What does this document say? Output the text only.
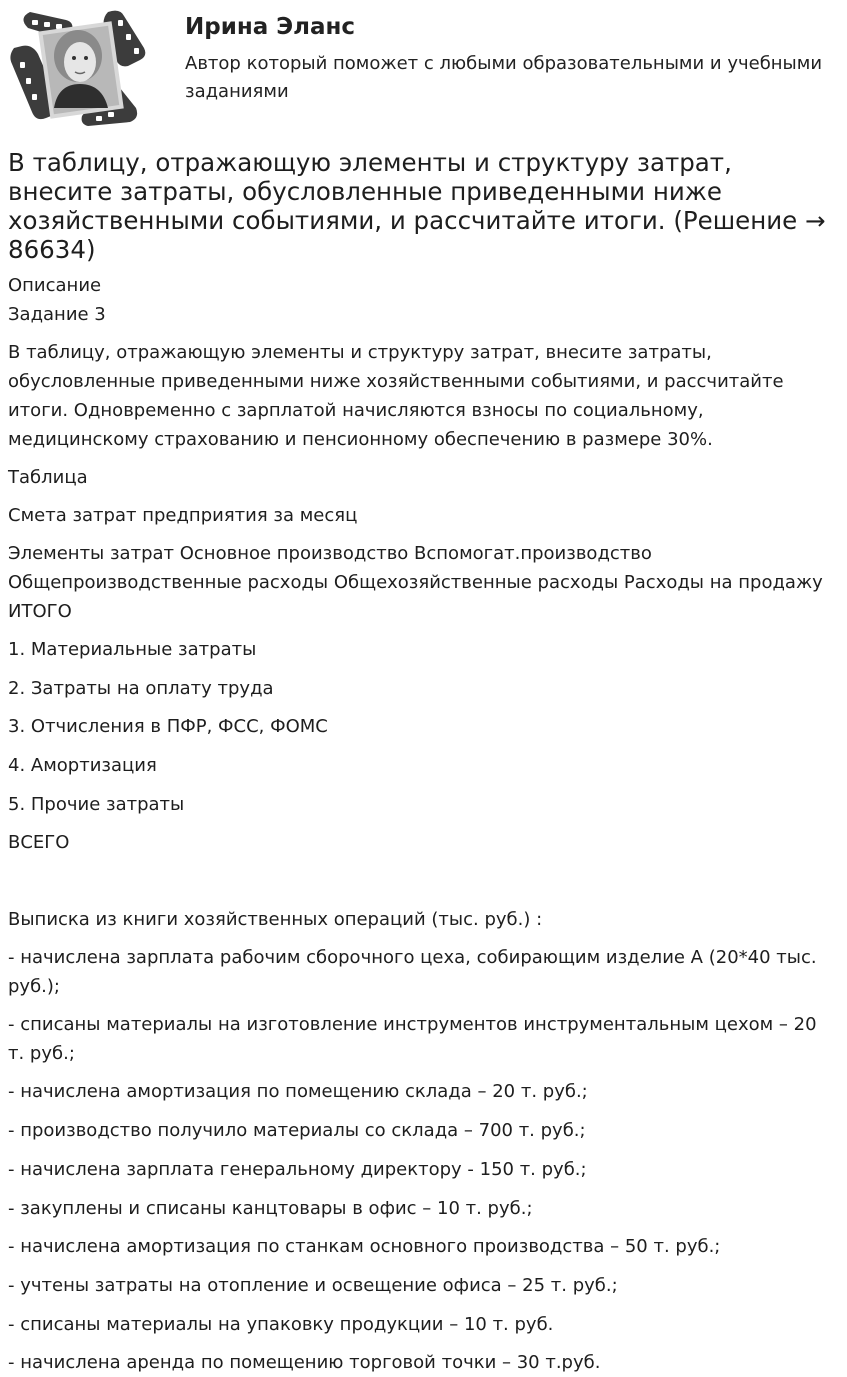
Ирина Эланс

Автор который поможет с любыми образовательными и учебными заданиями

В таблицу, отражающую элементы и структуру затрат, внесите затраты, обусловленные приведенными ниже хозяйственными событиями, и рассчитайте итоги. (Решение → 86634)

Описание

Задание 3

В таблицу, отражающую элементы и структуру затрат, внесите затраты, обусловленные приведенными ниже хозяйственными событиями, и рассчитайте итоги. Одновременно с зарплатой начисляются взносы по социальному, медицинскому страхованию и пенсионному обеспечению в размере 30%.

Таблица

Смета затрат предприятия за месяц

Элементы затрат Основное производство Вспомогат.производство Общепроизводственные расходы Общехозяйственные расходы Расходы на продажу ИТОГО

1. Материальные затраты

2. Затраты на оплату труда

3. Отчисления в ПФР, ФСС, ФОМС

4. Амортизация

5. Прочие затраты

ВСЕГО

Выписка из книги хозяйственных операций (тыс. руб.) :

- начислена зарплата рабочим сборочного цеха, собирающим изделие А (20*40 тыс. руб.);

- списаны материалы на изготовление инструментов инструментальным цехом – 20 т. руб.;

- начислена амортизация по помещению склада – 20 т. руб.;

- производство получило материалы со склада – 700 т. руб.;

- начислена зарплата генеральному директору - 150 т. руб.;

- закуплены и списаны канцтовары в офис – 10 т. руб.;

- начислена амортизация по станкам основного производства – 50 т. руб.;

- учтены затраты на отопление и освещение офиса – 25 т. руб.;

- списаны материалы на упаковку продукции – 10 т. руб.

- начислена аренда по помещению торговой точки – 30 т.руб.
